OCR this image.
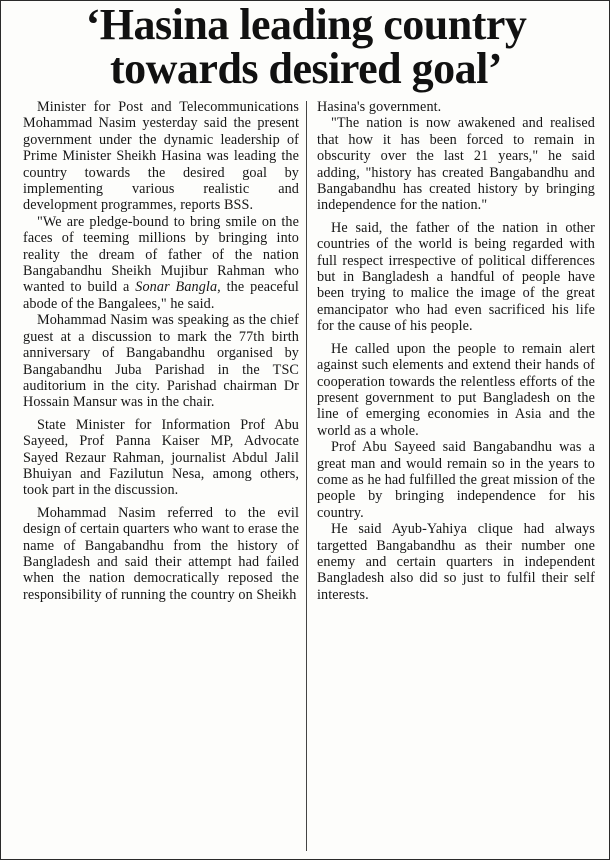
‘Hasina leading country
towards desired goal’

Minister for Post and Telecommunications Mohammad Nasim yesterday said the present government under the dynamic leadership of Prime Minister Sheikh Hasina was leading the country towards the desired goal by implementing various realistic and development programmes, reports BSS.

"We are pledge-bound to bring smile on the faces of teeming millions by bringing into reality the dream of father of the nation Bangabandhu Sheikh Mujibur Rahman who wanted to build a Sonar Bangla, the peaceful abode of the Bangalees," he said.

Mohammad Nasim was speaking as the chief guest at a discussion to mark the 77th birth anniversary of Bangabandhu organised by Bangabandhu Juba Parishad in the TSC auditorium in the city. Parishad chairman Dr Hossain Mansur was in the chair.

State Minister for Information Prof Abu Sayeed, Prof Panna Kaiser MP, Advocate Sayed Rezaur Rahman, journalist Abdul Jalil Bhuiyan and Fazilutun Nesa, among others, took part in the discussion.

Mohammad Nasim referred to the evil design of certain quarters who want to erase the name of Bangabandhu from the history of Bangladesh and said their attempt had failed when the nation democratically reposed the responsibility of running the country on Sheikh

Hasina's government.

"The nation is now awakened and realised that how it has been forced to remain in obscurity over the last 21 years," he said adding, "history has created Bangabandhu and Bangabandhu has created history by bringing independence for the nation."

He said, the father of the nation in other countries of the world is being regarded with full respect irrespective of political differences but in Bangladesh a handful of people have been trying to malice the image of the great emancipator who had even sacrificed his life for the cause of his people.

He called upon the people to remain alert against such elements and extend their hands of cooperation towards the relentless efforts of the present government to put Bangladesh on the line of emerging economies in Asia and the world as a whole.

Prof Abu Sayeed said Bangabandhu was a great man and would remain so in the years to come as he had fulfilled the great mission of the people by bringing independence for his country.

He said Ayub-Yahiya clique had always targetted Bangabandhu as their number one enemy and certain quarters in independent Bangladesh also did so just to fulfil their self interests.
